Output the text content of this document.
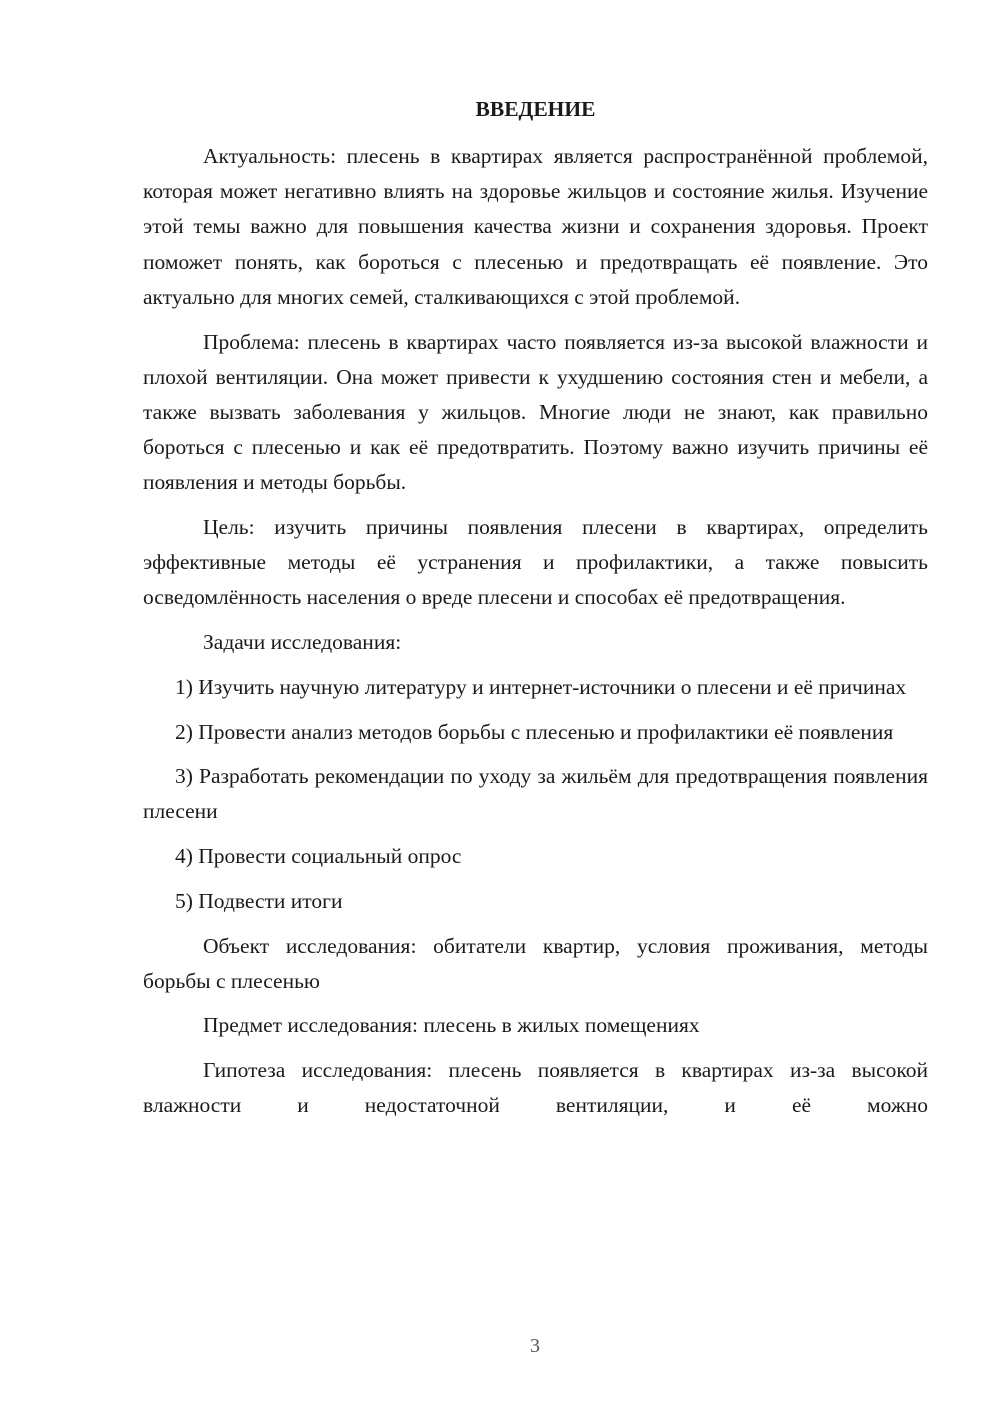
ВВЕДЕНИЕ

Актуальность: плесень в квартирах является распространённой проблемой, которая может негативно влиять на здоровье жильцов и состояние жилья. Изучение этой темы важно для повышения качества жизни и сохранения здоровья. Проект поможет понять, как бороться с плесенью и предотвращать её появление. Это актуально для многих семей, сталкивающихся с этой проблемой.

Проблема: плесень в квартирах часто появляется из-за высокой влажности и плохой вентиляции. Она может привести к ухудшению состояния стен и мебели, а также вызвать заболевания у жильцов. Многие люди не знают, как правильно бороться с плесенью и как её предотвратить. Поэтому важно изучить причины её появления и методы борьбы.

Цель: изучить причины появления плесени в квартирах, определить эффективные методы её устранения и профилактики, а также повысить осведомлённость населения о вреде плесени и способах её предотвращения.

Задачи исследования:

1) Изучить научную литературу и интернет-источники о плесени и её причинах

2) Провести анализ методов борьбы с плесенью и профилактики её появления

3) Разработать рекомендации по уходу за жильём для предотвращения появления плесени

4) Провести социальный опрос

5) Подвести итоги

Объект исследования: обитатели квартир, условия проживания, методы борьбы с плесенью

Предмет исследования: плесень в жилых помещениях

Гипотеза исследования: плесень появляется в квартирах из-за высокой влажности и недостаточной вентиляции, и её можно

3
